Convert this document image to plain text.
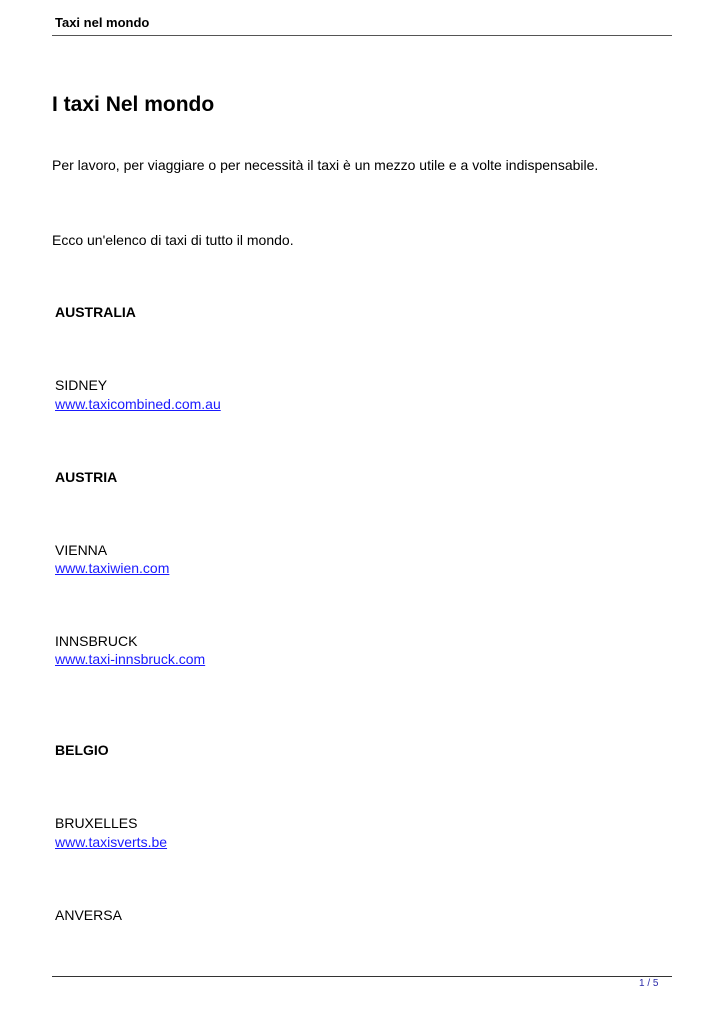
Taxi nel mondo
I taxi Nel mondo
Per lavoro, per viaggiare o per necessità il taxi è un mezzo utile e a volte indispensabile.
Ecco un'elenco di taxi di tutto il mondo.
AUSTRALIA
SIDNEY
www.taxicombined.com.au
AUSTRIA
VIENNA
www.taxiwien.com
INNSBRUCK
www.taxi-innsbruck.com
BELGIO
BRUXELLES
www.taxisverts.be
ANVERSA
1 / 5
